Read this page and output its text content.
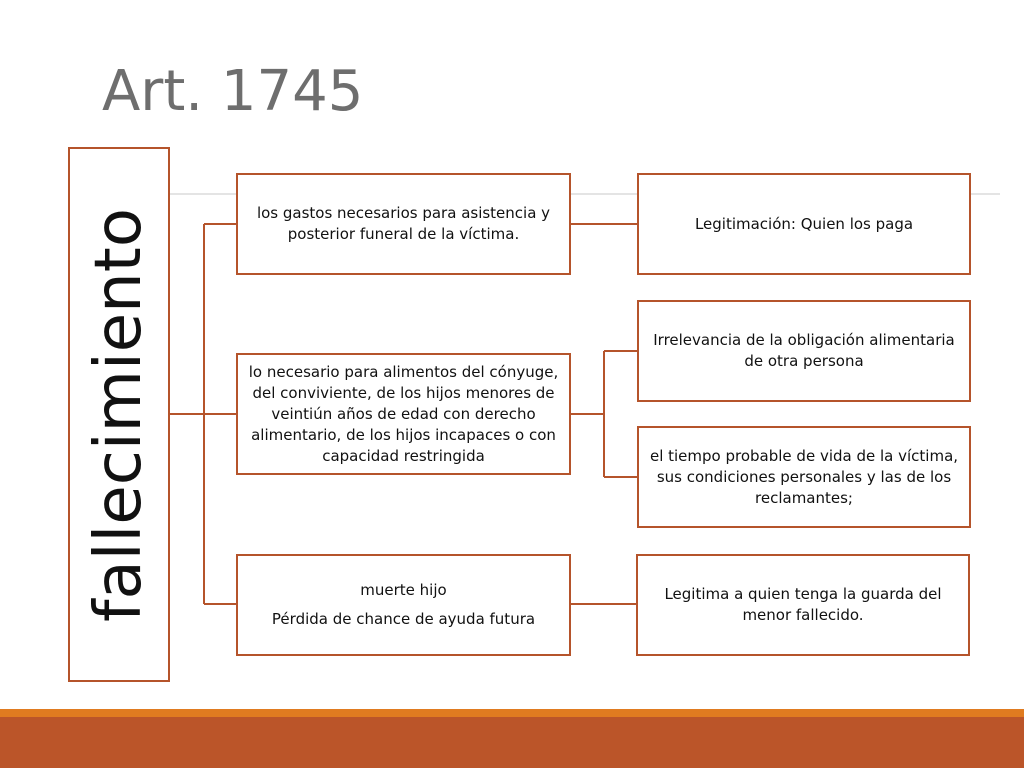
Art. 1745
fallecimiento	los gastos necesarios para asistencia y posterior funeral de la víctima.
lo necesario para alimentos del cónyuge, del conviviente, de los hijos menores de veintiún años de edad con derecho alimentario, de los hijos incapaces o con capacidad restringida
muerte hijo
Pérdida de chance de ayuda futura
Legitimación: Quien los paga
Irrelevancia de la obligación alimentaria de otra persona
el tiempo probable de vida de la víctima, sus condiciones personales y las de los reclamantes;
Legitima a quien tenga la guarda del menor fallecido.
